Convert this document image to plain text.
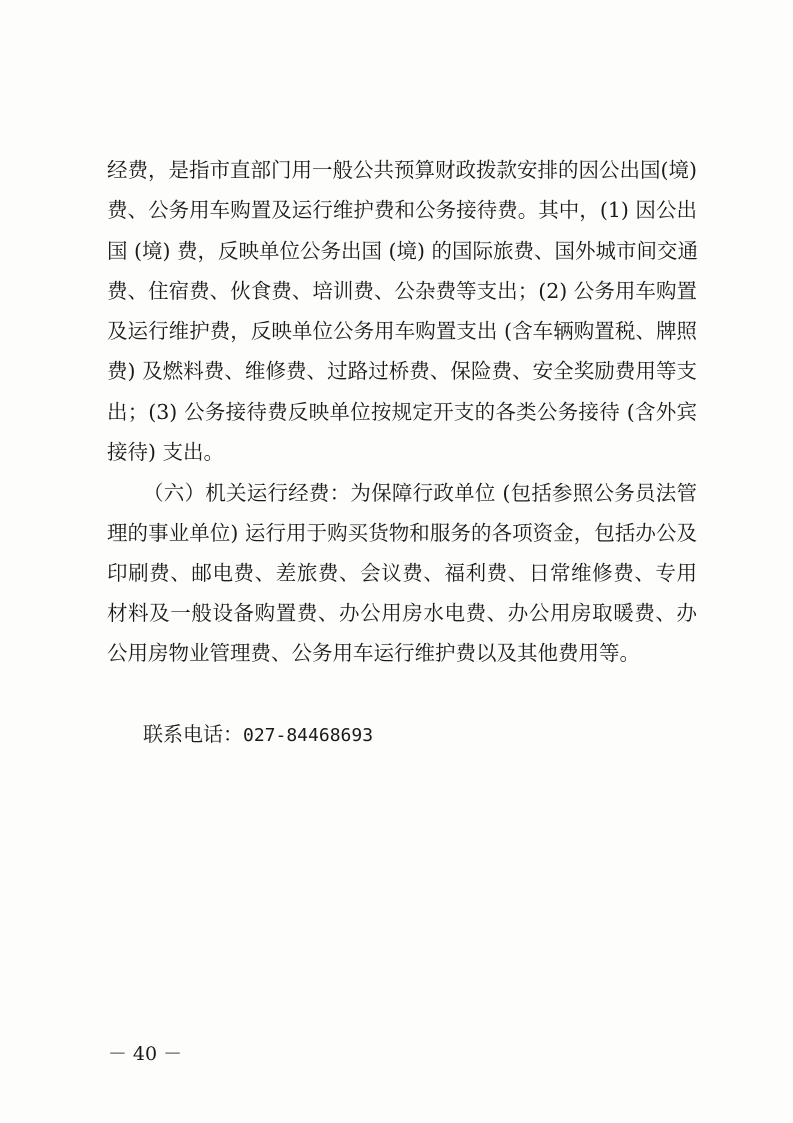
经费，是指市直部门用一般公共预算财政拨款安排的因公出国(境)
费、公务用车购置及运行维护费和公务接待费。其中，(1) 因公出
国 (境) 费，反映单位公务出国 (境) 的国际旅费、国外城市间交通
费、住宿费、伙食费、培训费、公杂费等支出；(2) 公务用车购置
及运行维护费，反映单位公务用车购置支出 (含车辆购置税、牌照
费) 及燃料费、维修费、过路过桥费、保险费、安全奖励费用等支
出；(3) 公务接待费反映单位按规定开支的各类公务接待 (含外宾
接待) 支出。
（六）机关运行经费：为保障行政单位 (包括参照公务员法管
理的事业单位) 运行用于购买货物和服务的各项资金，包括办公及
印刷费、邮电费、差旅费、会议费、福利费、日常维修费、专用
材料及一般设备购置费、办公用房水电费、办公用房取暖费、办
公用房物业管理费、公务用车运行维护费以及其他费用等。
联系电话：027-84468693
－ 40 －
